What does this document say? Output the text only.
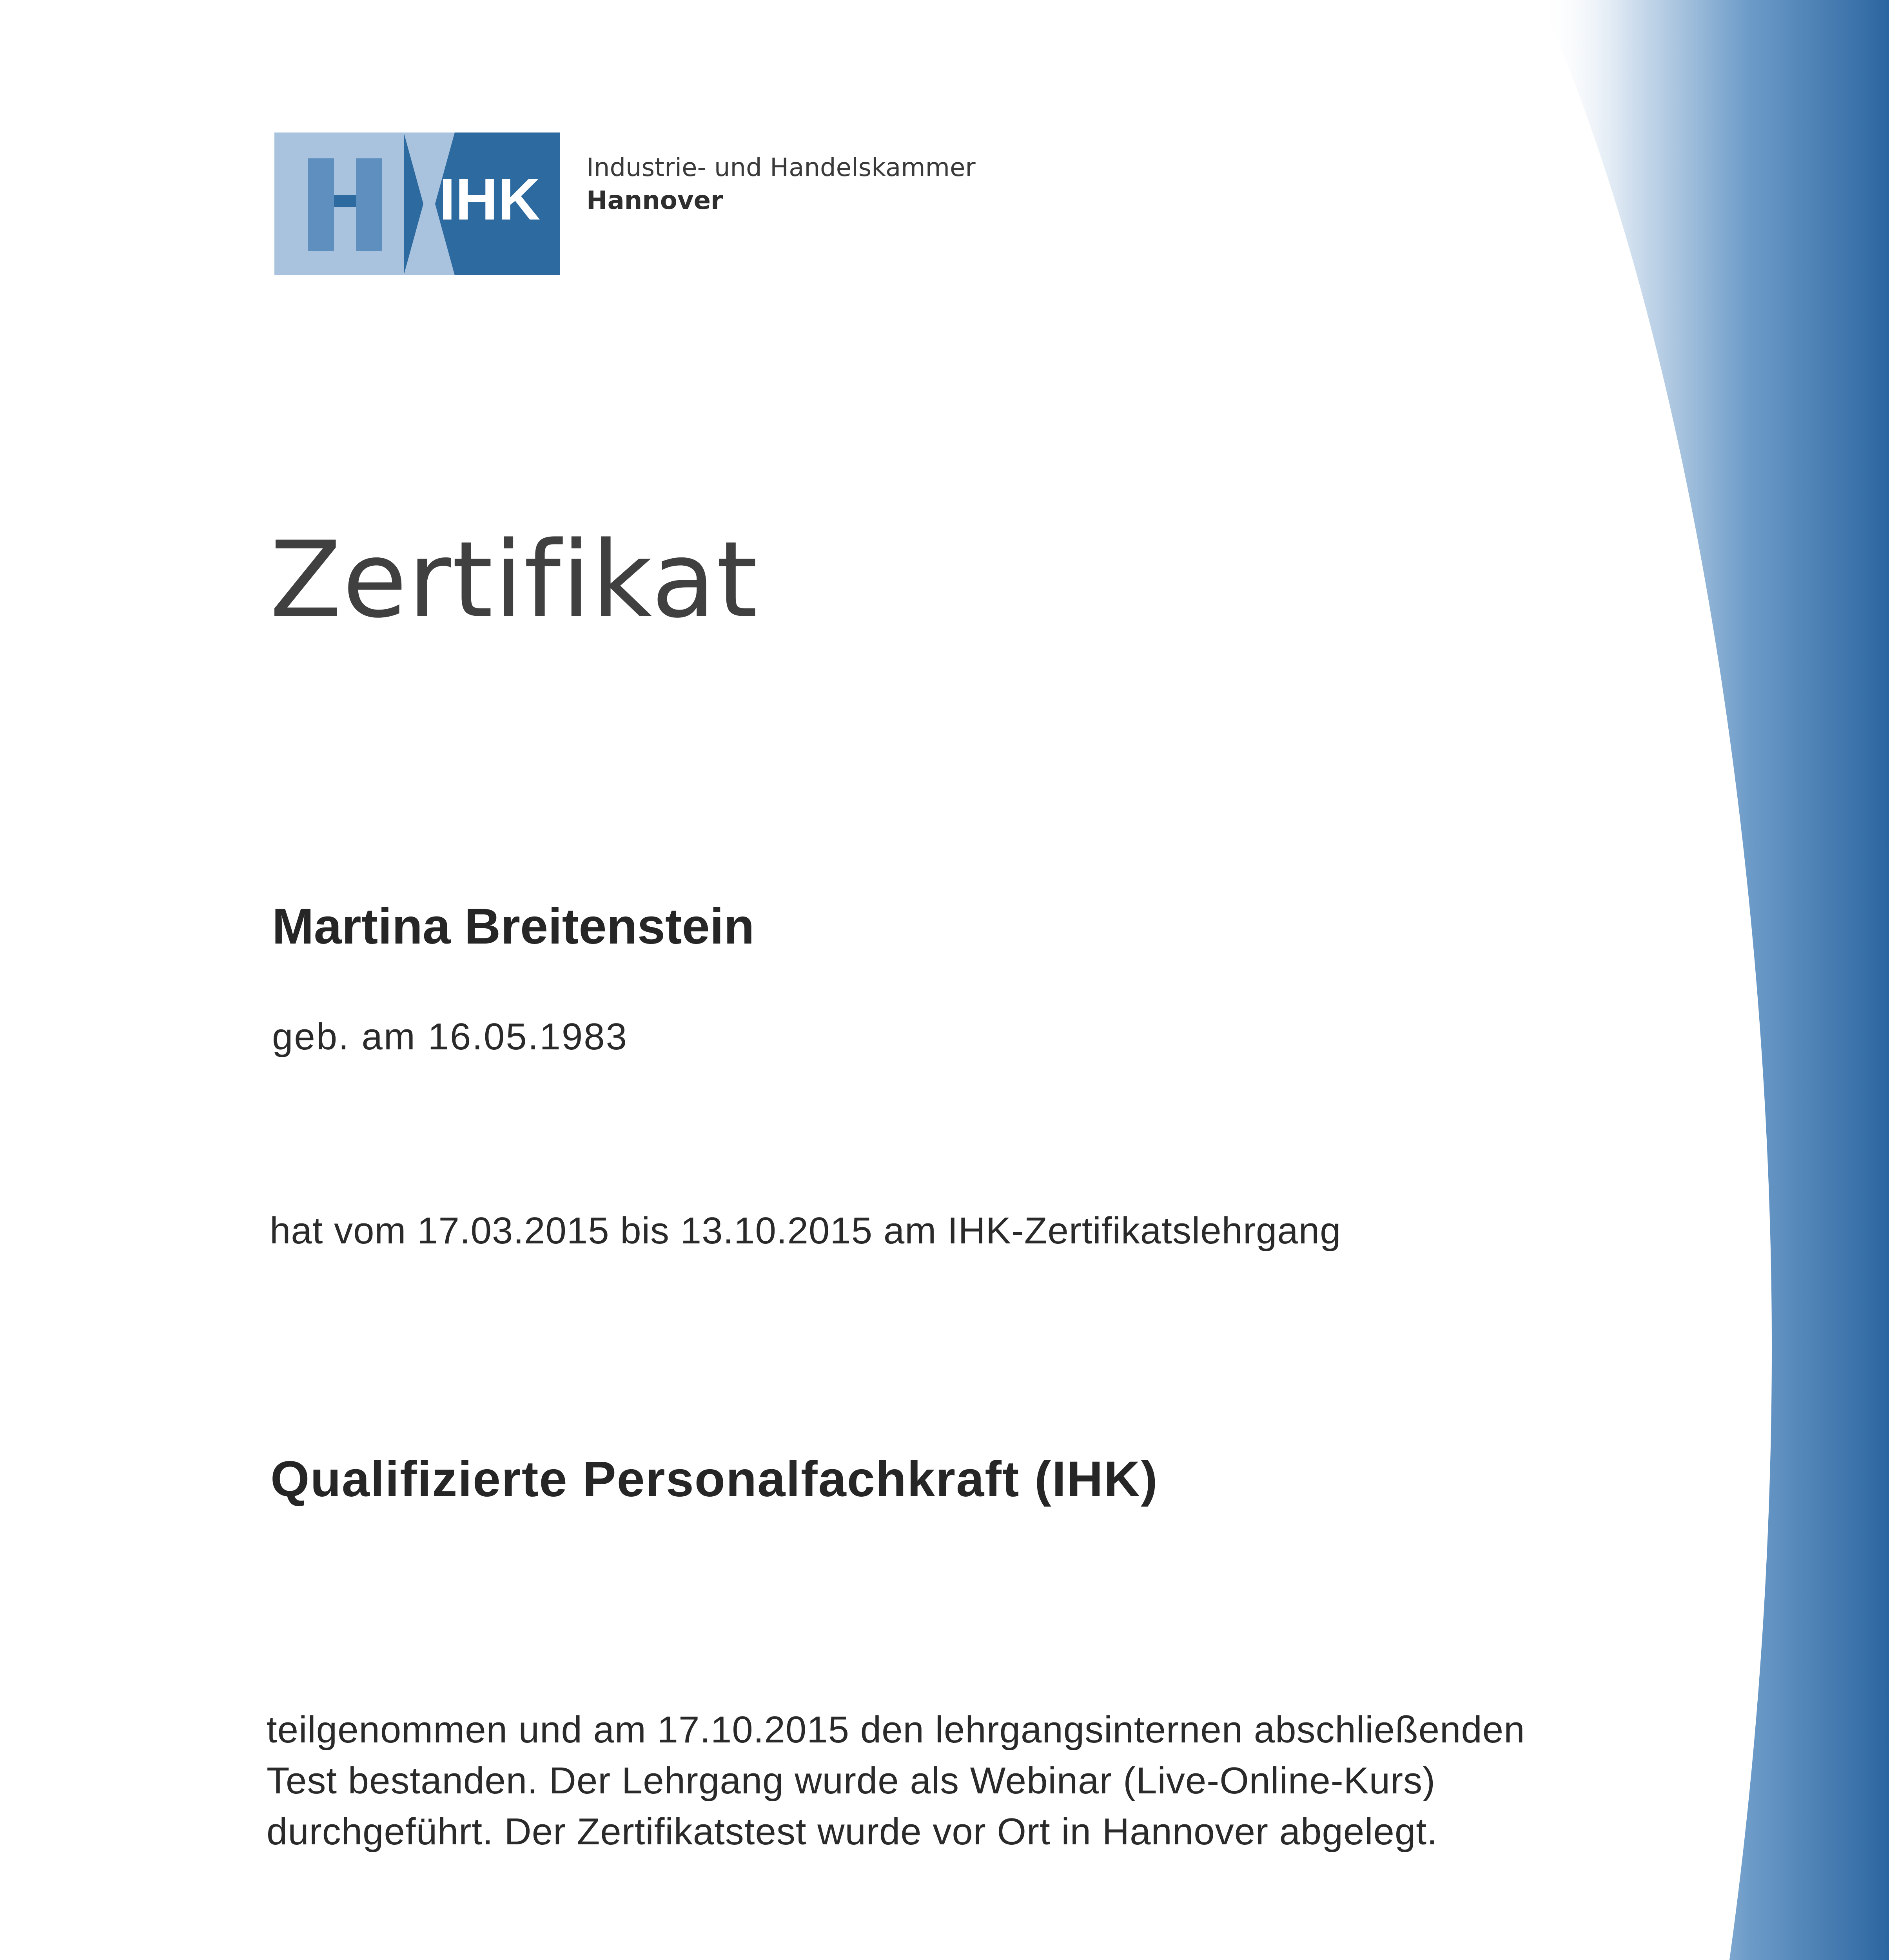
IHK Industrie- und Handelskammer
Hannover
Zertifikat
Martina Breitenstein
geb. am 16.05.1983
hat vom 17.03.2015 bis 13.10.2015 am IHK-Zertifikatslehrgang
Qualifizierte Personalfachkraft (IHK)
teilgenommen und am 17.10.2015 den lehrgangsinternen abschließenden
Test bestanden. Der Lehrgang wurde als Webinar (Live-Online-Kurs)
durchgeführt. Der Zertifikatstest wurde vor Ort in Hannover abgelegt.
